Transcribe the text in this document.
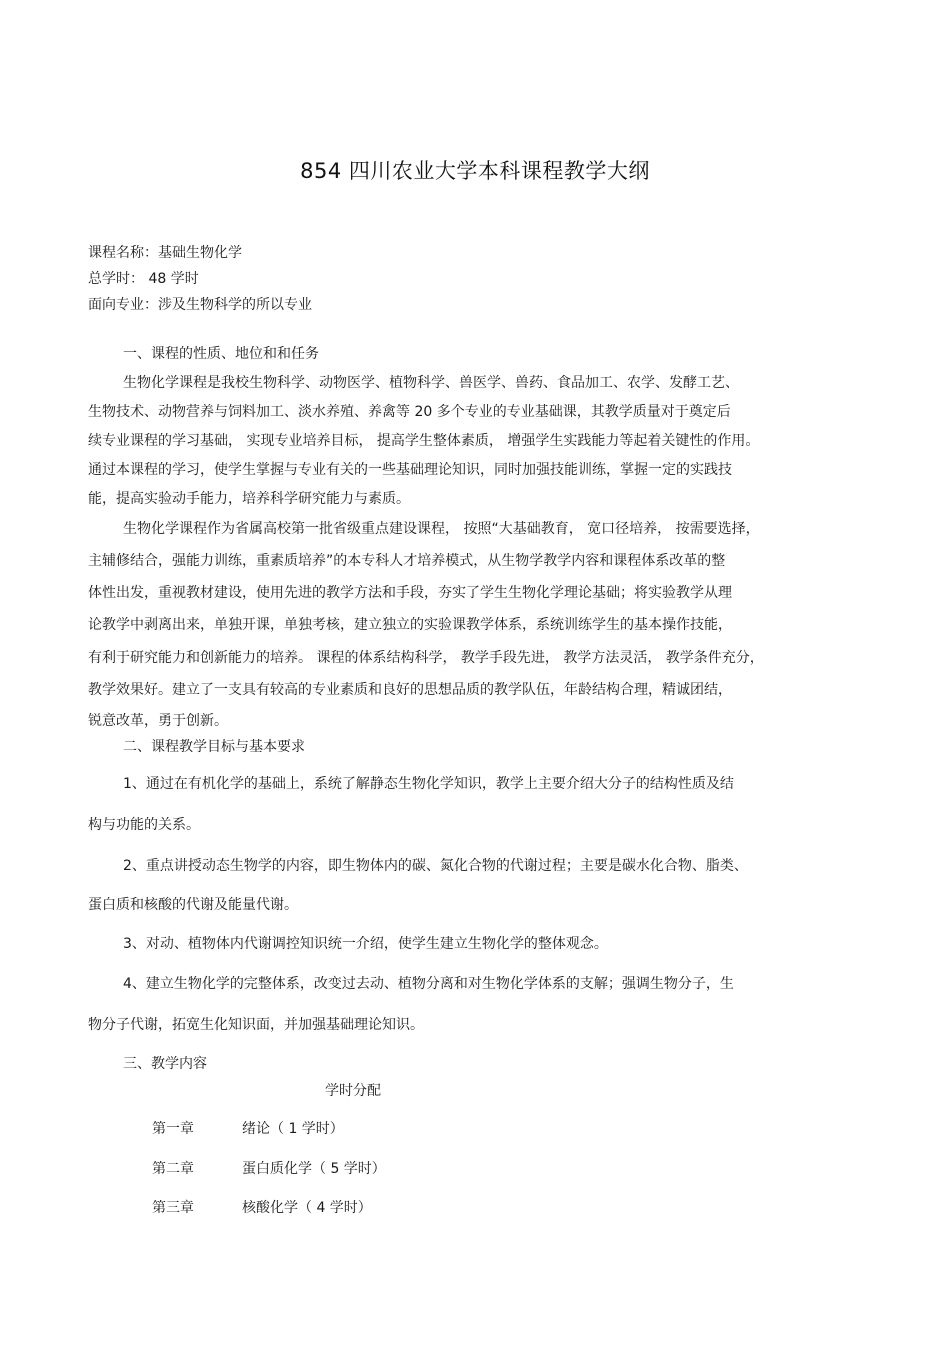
854 四川农业大学本科课程教学大纲
课程名称：基础生物化学
总学时： 48 学时
面向专业：涉及生物科学的所以专业
一、课程的性质、地位和和任务
生物化学课程是我校生物科学、动物医学、植物科学、兽医学、兽药、食品加工、农学、发酵工艺、
生物技术、动物营养与饲料加工、淡水养殖、养禽等 20 多个专业的专业基础课，其教学质量对于奠定后
续专业课程的学习基础， 实现专业培养目标， 提高学生整体素质， 增强学生实践能力等起着关键性的作用。
通过本课程的学习，使学生掌握与专业有关的一些基础理论知识，同时加强技能训练，掌握一定的实践技
能，提高实验动手能力，培养科学研究能力与素质。
生物化学课程作为省属高校第一批省级重点建设课程， 按照“大基础教育， 宽口径培养， 按需要选择，
主辅修结合，强能力训练，重素质培养”的本专科人才培养模式，从生物学教学内容和课程体系改革的整
体性出发，重视教材建设，使用先进的教学方法和手段，夯实了学生生物化学理论基础；将实验教学从理
论教学中剥离出来，单独开课，单独考核，建立独立的实验课教学体系，系统训练学生的基本操作技能，
有利于研究能力和创新能力的培养。 课程的体系结构科学， 教学手段先进， 教学方法灵活， 教学条件充分，
教学效果好。建立了一支具有较高的专业素质和良好的思想品质的教学队伍，年龄结构合理，精诚团结，
锐意改革，勇于创新。
二、课程教学目标与基本要求
1、通过在有机化学的基础上，系统了解静态生物化学知识，教学上主要介绍大分子的结构性质及结
构与功能的关系。
2、重点讲授动态生物学的内容，即生物体内的碳、氮化合物的代谢过程；主要是碳水化合物、脂类、
蛋白质和核酸的代谢及能量代谢。
3、对动、植物体内代谢调控知识统一介绍，使学生建立生物化学的整体观念。
4、建立生物化学的完整体系，改变过去动、植物分离和对生物化学体系的支解；强调生物分子，生
物分子代谢，拓宽生化知识面，并加强基础理论知识。
三、教学内容
学时分配
第一章	绪论（ 1 学时）
第二章	蛋白质化学（ 5 学时）
第三章	核酸化学（ 4 学时）
